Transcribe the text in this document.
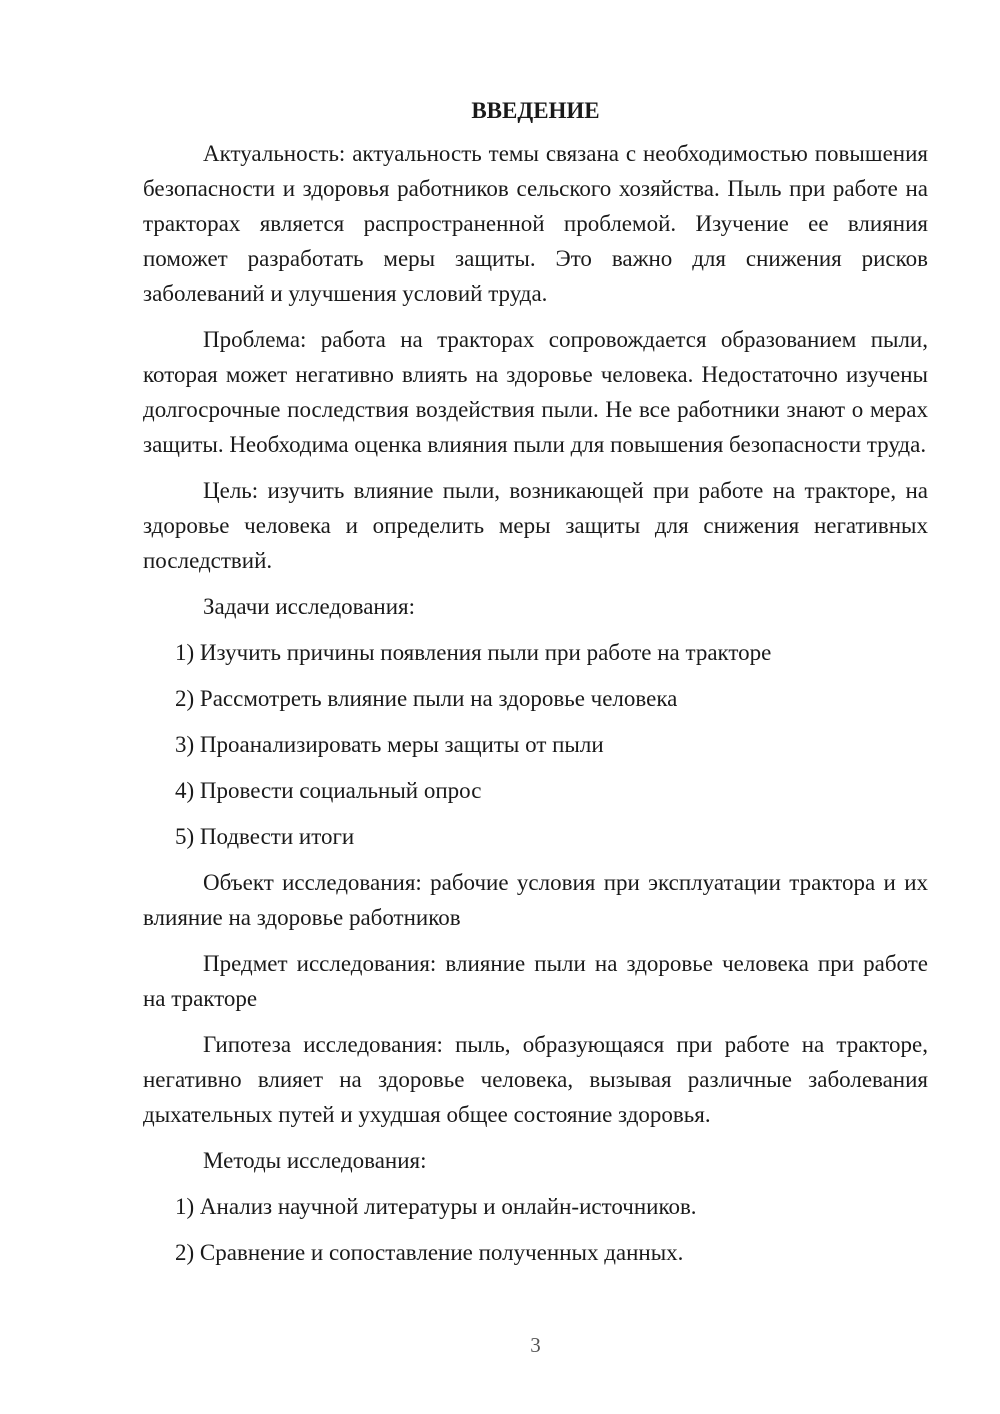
ВВЕДЕНИЕ

Актуальность: актуальность темы связана с необходимостью повышения безопасности и здоровья работников сельского хозяйства. Пыль при работе на тракторах является распространенной проблемой. Изучение ее влияния поможет разработать меры защиты. Это важно для снижения рисков заболеваний и улучшения условий труда.

Проблема: работа на тракторах сопровождается образованием пыли, которая может негативно влиять на здоровье человека. Недостаточно изучены долгосрочные последствия воздействия пыли. Не все работники знают о мерах защиты. Необходима оценка влияния пыли для повышения безопасности труда.

Цель: изучить влияние пыли, возникающей при работе на тракторе, на здоровье человека и определить меры защиты для снижения негативных последствий.

Задачи исследования:

1) Изучить причины появления пыли при работе на тракторе
2) Рассмотреть влияние пыли на здоровье человека
3) Проанализировать меры защиты от пыли
4) Провести социальный опрос
5) Подвести итоги

Объект исследования: рабочие условия при эксплуатации трактора и их влияние на здоровье работников

Предмет исследования: влияние пыли на здоровье человека при работе на тракторе

Гипотеза исследования: пыль, образующаяся при работе на тракторе, негативно влияет на здоровье человека, вызывая различные заболевания дыхательных путей и ухудшая общее состояние здоровья.

Методы исследования:

1) Анализ научной литературы и онлайн-источников.
2) Сравнение и сопоставление полученных данных.
3
